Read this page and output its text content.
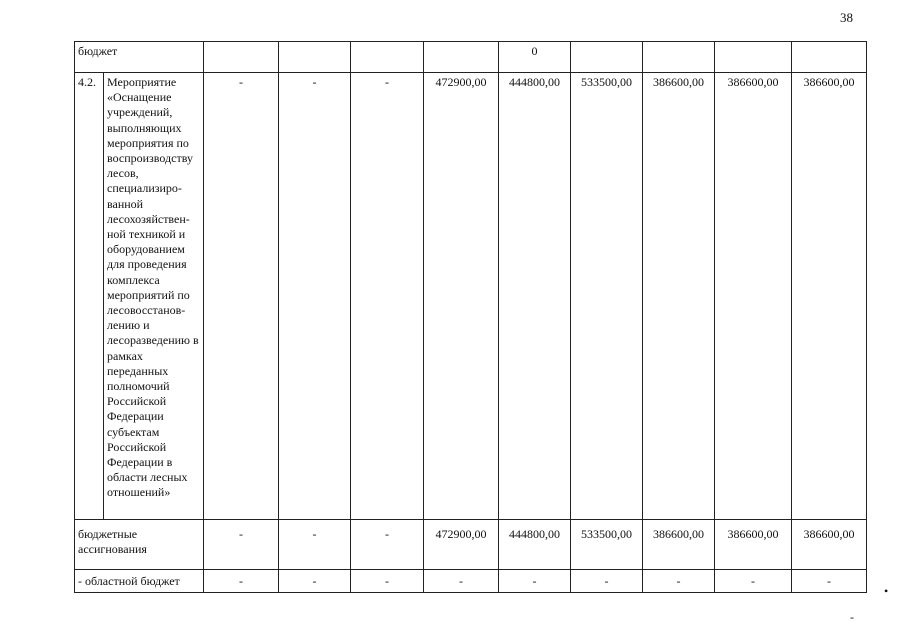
38
бюджет						0				
4.2.	Мероприятие «Оснащение учреждений, выполняющих мероприятия по воспроизводству лесов, специализиро-ванной лесохозяйствен-ной техникой и оборудованием для проведения комплекса мероприятий по лесовосстанов-лению и лесоразведению в рамках переданных полномочий Российской Федерации субъектам Российской Федерации в области лесных отношений»	-	-	-	472900,00	444800,00	533500,00	386600,00	386600,00	386600,00
бюджетные ассигнования		-	-	-	472900,00	444800,00	533500,00	386600,00	386600,00	386600,00
- областной бюджет		-	-	-	-	-	-	-	-	-
•
-
